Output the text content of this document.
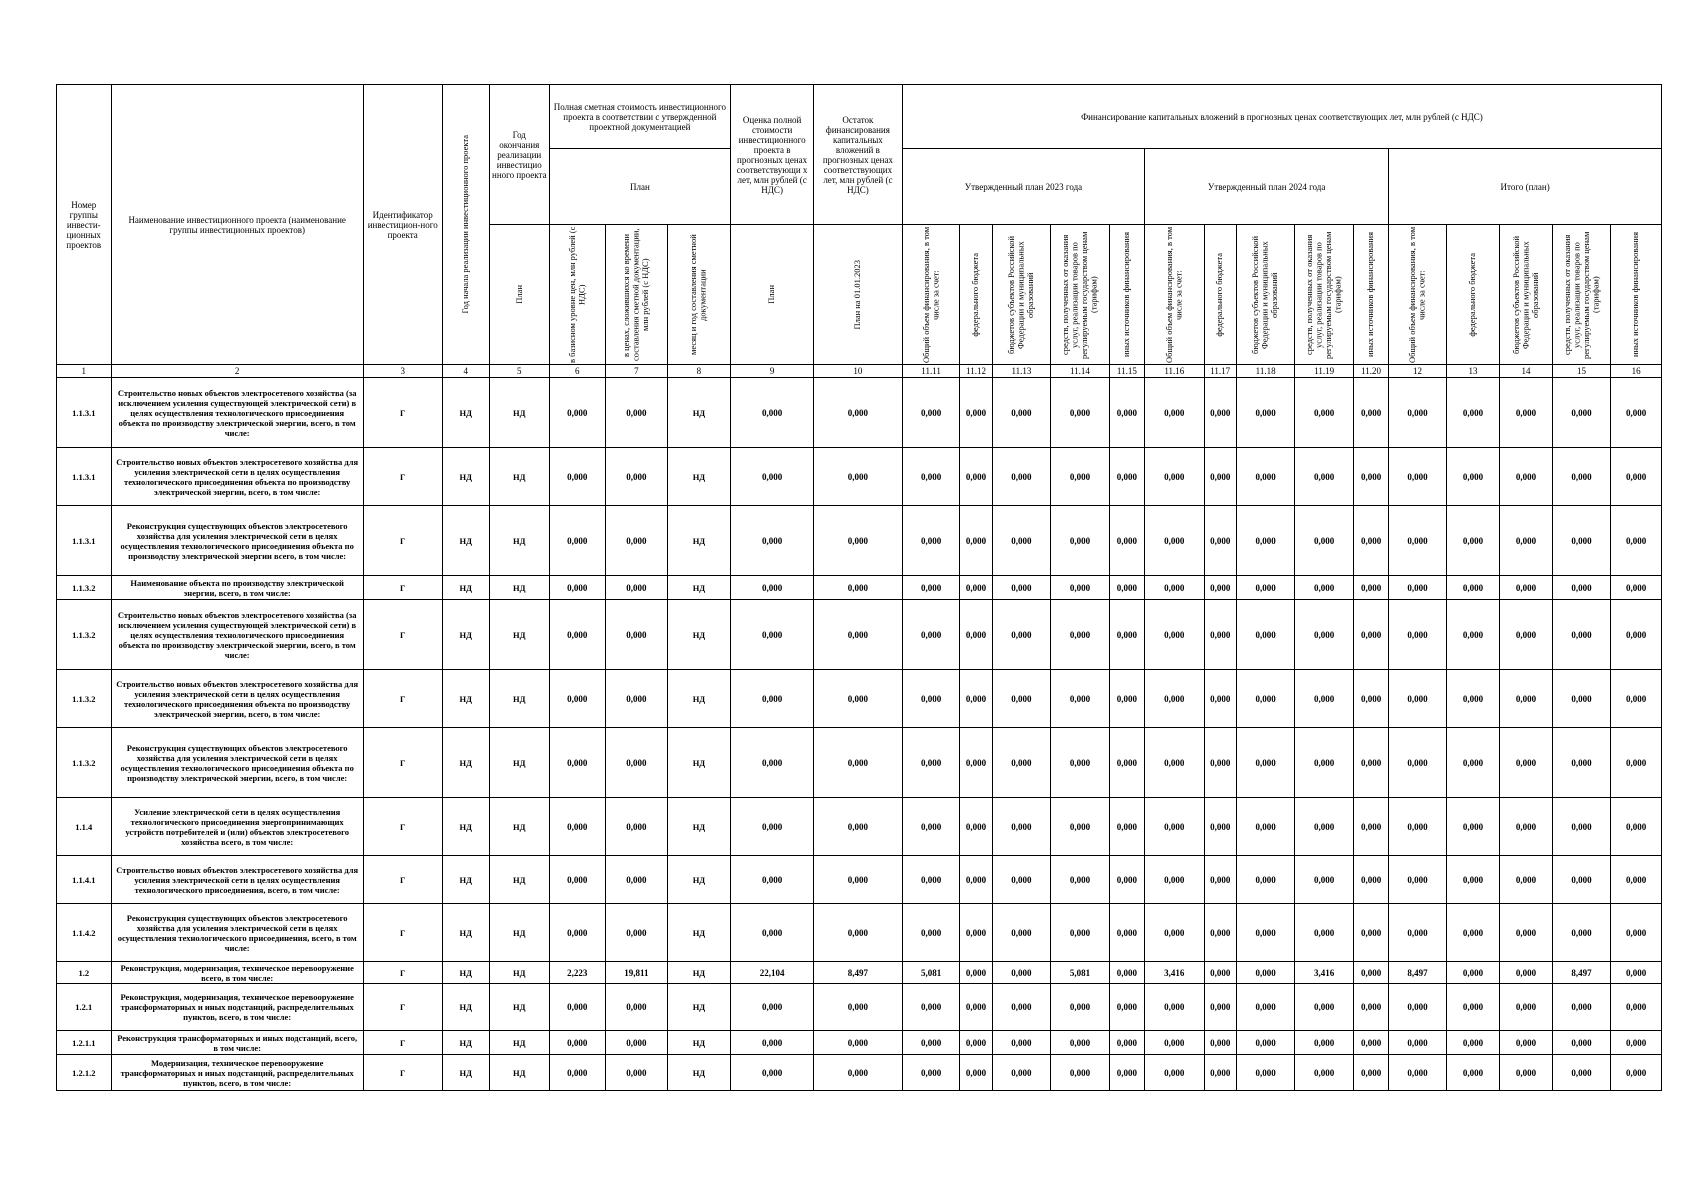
Номер группы инвести-ционных проектов	Наименование инвестиционного проекта (наименование группы инвестиционных проектов)	Идентификатор инвестицион-ного проекта	Год начала реализации инвестиционного проекта	Год окончания реализации инвестицио нного проекта	Полная сметная стоимость инвестиционного проекта в соответствии с утвержденной проектной документацией			Оценка полной стоимости инвестиционного проекта в прогнозных ценах соответствующи х лет, млн рублей (с НДС)	Остаток финансирования капитальных вложений в прогнозных ценах соответствующих лет, млн рублей (с НДС)	Финансирование капитальных вложений в прогнозных ценах соответствующих лет, млн рублей (с НДС)														
					План					Утвержденный план 2023 года					Утвержденный план 2024 года					Итого (план)				

				План	в базисном уровне цен, млн рублей (с НДС)	в ценах, сложившихся ко времени составления сметной документации, млн рублей (с НДС)	месяц и год составления сметной документации	План	План на 01.01.2023	Общий объем финансирования, в том числе за счет:	федерального бюджета	бюджетов субъектов Российской Федерации и муниципальных образований	средств, полученных от оказания услуг, реализации товаров по регулируемым государством ценам (тарифам)	иных источников финансирования	Общий объем финансирования, в том числе за счет:	федерального бюджета	бюджетов субъектов Российской Федерации и муниципальных образований	средств, полученных от оказания услуг, реализации товаров по регулируемым государством ценам (тарифам)	иных источников финансирования	Общий объем финансирования, в том числе за счет:	федерального бюджета	бюджетов субъектов Российской Федерации и муниципальных образований	средств, полученных от оказания услуг, реализации товаров по регулируемым государством ценам (тарифам)	иных источников финансирования

1	2	3	4	5	6	7	8	9	10	11.11	11.12	11.13	11.14	11.15	11.16	11.17	11.18	11.19	11.20	12	13	14	15	16
1.1.3.1	Строительство новых объектов электросетевого хозяйства (за исключением усиления существующей электрической сети) в целях осуществления технологического присоединения объекта по производству электрической энергии, всего, в том числе:	Г	НД	НД	0,000	0,000	НД	0,000	0,000	0,000	0,000	0,000	0,000	0,000	0,000	0,000	0,000	0,000	0,000	0,000	0,000	0,000	0,000	0,000
1.1.3.1	Строительство новых объектов электросетевого хозяйства для усиления электрической сети в целях осуществления технологического присоединения объекта по производству электрической энергии, всего, в том числе:	Г	НД	НД	0,000	0,000	НД	0,000	0,000	0,000	0,000	0,000	0,000	0,000	0,000	0,000	0,000	0,000	0,000	0,000	0,000	0,000	0,000	0,000
1.1.3.1	Реконструкция существующих объектов электросетевого хозяйства для усиления электрической сети в целях осуществления технологического присоединения объекта по производству электрической энергии всего, в том числе:	Г	НД	НД	0,000	0,000	НД	0,000	0,000	0,000	0,000	0,000	0,000	0,000	0,000	0,000	0,000	0,000	0,000	0,000	0,000	0,000	0,000	0,000
1.1.3.2	Наименование объекта по производству электрической энергии, всего, в том числе:	Г	НД	НД	0,000	0,000	НД	0,000	0,000	0,000	0,000	0,000	0,000	0,000	0,000	0,000	0,000	0,000	0,000	0,000	0,000	0,000	0,000	0,000
1.1.3.2	Строительство новых объектов электросетевого хозяйства (за исключением усиления существующей электрической сети) в целях осуществления технологического присоединения объекта по производству электрической энергии, всего, в том числе:	Г	НД	НД	0,000	0,000	НД	0,000	0,000	0,000	0,000	0,000	0,000	0,000	0,000	0,000	0,000	0,000	0,000	0,000	0,000	0,000	0,000	0,000
1.1.3.2	Строительство новых объектов электросетевого хозяйства для усиления электрической сети в целях осуществления технологического присоединения объекта по производству электрической энергии, всего, в том числе:	Г	НД	НД	0,000	0,000	НД	0,000	0,000	0,000	0,000	0,000	0,000	0,000	0,000	0,000	0,000	0,000	0,000	0,000	0,000	0,000	0,000	0,000
1.1.3.2	Реконструкция существующих объектов электросетевого хозяйства для усиления электрической сети в целях осуществления технологического присоединения объекта по производству электрической энергии, всего, в том числе:	Г	НД	НД	0,000	0,000	НД	0,000	0,000	0,000	0,000	0,000	0,000	0,000	0,000	0,000	0,000	0,000	0,000	0,000	0,000	0,000	0,000	0,000
1.1.4	Усиление электрической сети в целях осуществления технологического присоединения энергопринимающих устройств потребителей и (или) объектов электросетевого хозяйства всего, в том числе:	Г	НД	НД	0,000	0,000	НД	0,000	0,000	0,000	0,000	0,000	0,000	0,000	0,000	0,000	0,000	0,000	0,000	0,000	0,000	0,000	0,000	0,000
1.1.4.1	Строительство новых объектов электросетевого хозяйства для усиления электрической сети в целях осуществления технологического присоединения, всего, в том числе:	Г	НД	НД	0,000	0,000	НД	0,000	0,000	0,000	0,000	0,000	0,000	0,000	0,000	0,000	0,000	0,000	0,000	0,000	0,000	0,000	0,000	0,000
1.1.4.2	Реконструкция существующих объектов электросетевого хозяйства для усиления электрической сети в целях осуществления технологического присоединения, всего, в том числе:	Г	НД	НД	0,000	0,000	НД	0,000	0,000	0,000	0,000	0,000	0,000	0,000	0,000	0,000	0,000	0,000	0,000	0,000	0,000	0,000	0,000	0,000
1.2	Реконструкция, модернизация, техническое перевооружение всего, в том числе:	Г	НД	НД	2,223	19,811	НД	22,104	8,497	5,081	0,000	0,000	5,081	0,000	3,416	0,000	0,000	3,416	0,000	8,497	0,000	0,000	8,497	0,000
1.2.1	Реконструкция, модернизация, техническое перевооружение трансформаторных и иных подстанций, распределительных пунктов, всего, в том числе:	Г	НД	НД	0,000	0,000	НД	0,000	0,000	0,000	0,000	0,000	0,000	0,000	0,000	0,000	0,000	0,000	0,000	0,000	0,000	0,000	0,000	0,000
1.2.1.1	Реконструкция трансформаторных и иных подстанций, всего, в том числе:	Г	НД	НД	0,000	0,000	НД	0,000	0,000	0,000	0,000	0,000	0,000	0,000	0,000	0,000	0,000	0,000	0,000	0,000	0,000	0,000	0,000	0,000
1.2.1.2	Модернизация, техническое перевооружение трансформаторных и иных подстанций, распределительных пунктов, всего, в том числе:	Г	НД	НД	0,000	0,000	НД	0,000	0,000	0,000	0,000	0,000	0,000	0,000	0,000	0,000	0,000	0,000	0,000	0,000	0,000	0,000	0,000	0,000
